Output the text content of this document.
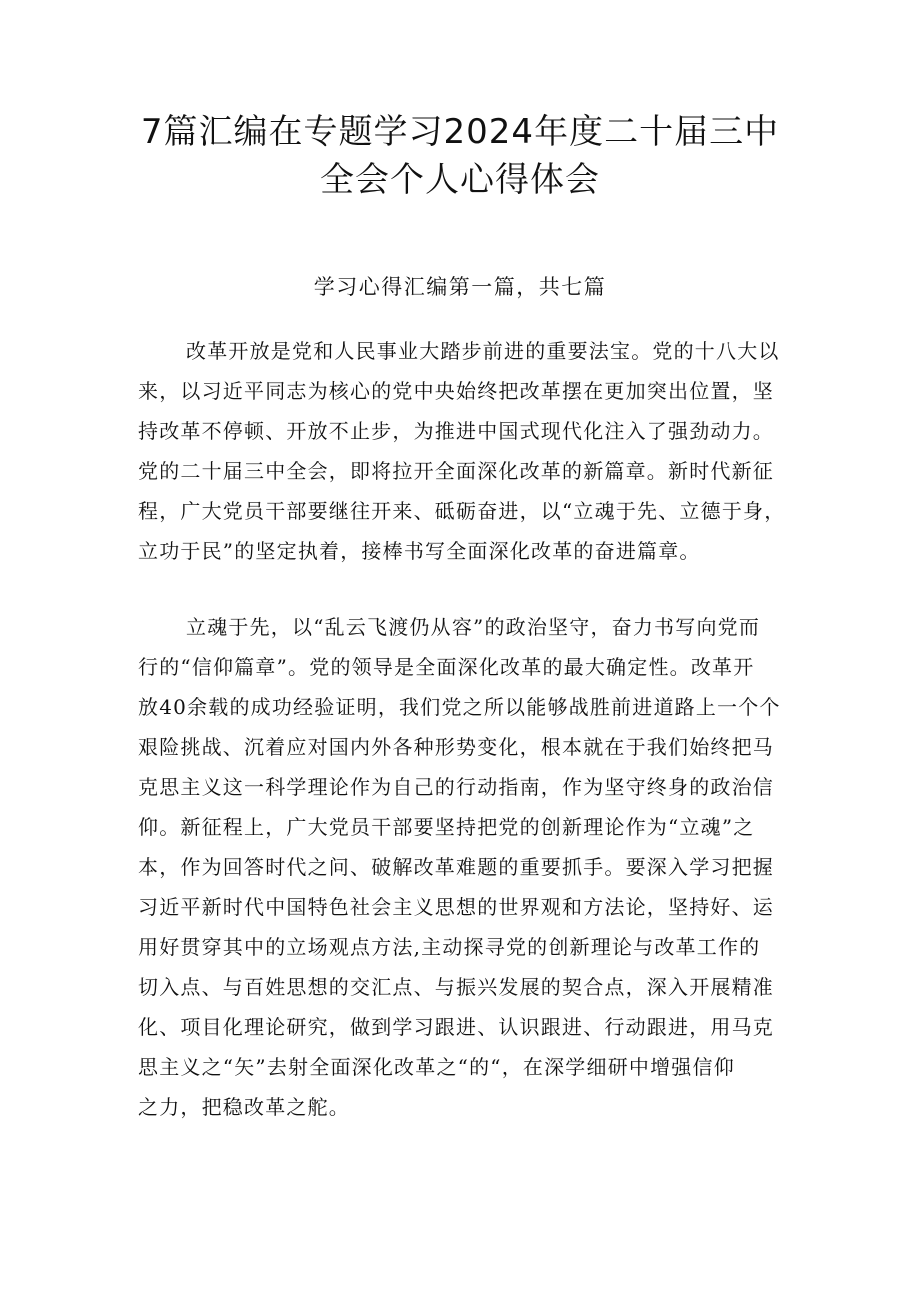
7篇汇编在专题学习2024年度二十届三中
全会个人心得体会
学习心得汇编第一篇，共七篇
改革开放是党和人民事业大踏步前进的重要法宝。党的十八大以
来，以习近平同志为核心的党中央始终把改革摆在更加突出位置，坚
持改革不停顿、开放不止步，为推进中国式现代化注入了强劲动力。
党的二十届三中全会，即将拉开全面深化改革的新篇章。新时代新征
程，广大党员干部要继往开来、砥砺奋进，以“立魂于先、立德于身，
立功于民”的坚定执着，接棒书写全面深化改革的奋进篇章。
立魂于先，以“乱云飞渡仍从容”的政治坚守，奋力书写向党而
行的“信仰篇章”。党的领导是全面深化改革的最大确定性。改革开
放40余载的成功经验证明，我们党之所以能够战胜前进道路上一个个
艰险挑战、沉着应对国内外各种形势变化，根本就在于我们始终把马
克思主义这一科学理论作为自己的行动指南，作为坚守终身的政治信
仰。新征程上，广大党员干部要坚持把党的创新理论作为“立魂”之
本，作为回答时代之问、破解改革难题的重要抓手。要深入学习把握
习近平新时代中国特色社会主义思想的世界观和方法论，坚持好、运
用好贯穿其中的立场观点方法,主动探寻党的创新理论与改革工作的
切入点、与百姓思想的交汇点、与振兴发展的契合点，深入开展精准
化、项目化理论研究，做到学习跟进、认识跟进、行动跟进，用马克
思主义之“矢”去射全面深化改革之“的“，在深学细研中增强信仰
之力，把稳改革之舵。
